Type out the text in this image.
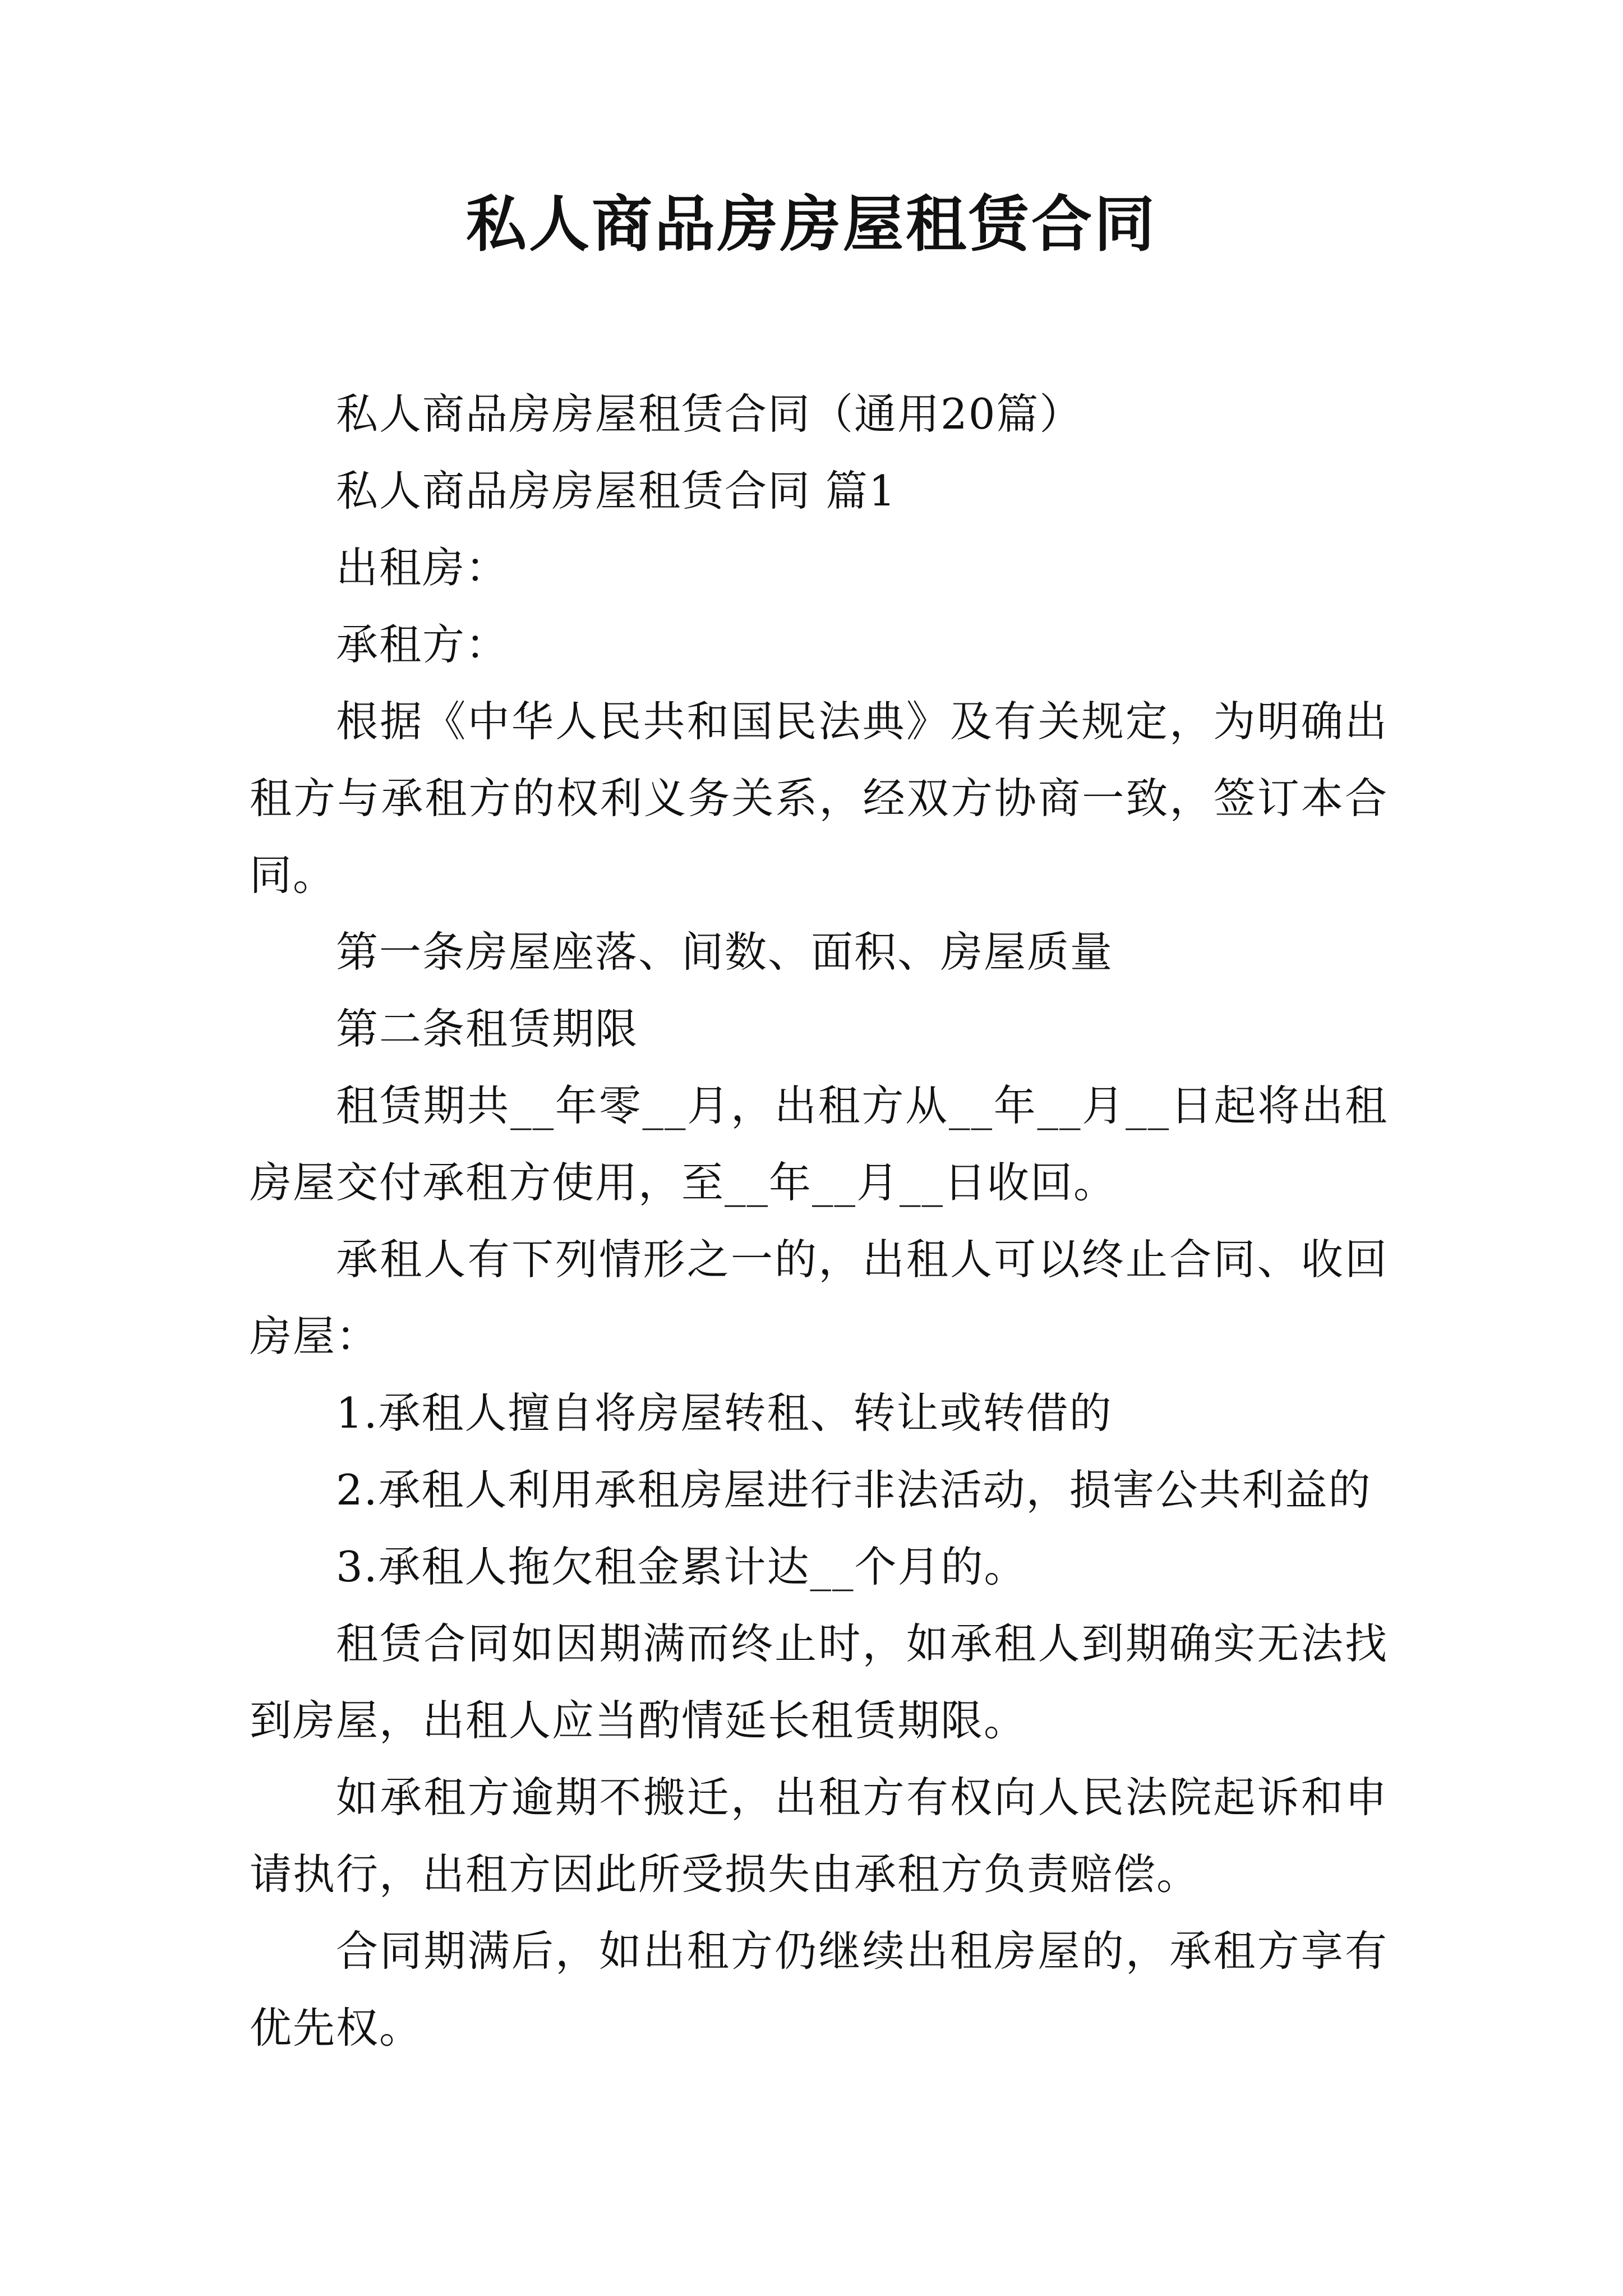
私人商品房房屋租赁合同

私人商品房房屋租赁合同（通用20篇）

私人商品房房屋租赁合同 篇1

出租房：

承租方：

根据《中华人民共和国民法典》及有关规定，为明确出租方与承租方的权利义务关系，经双方协商一致，签订本合同。

第一条房屋座落、间数、面积、房屋质量

第二条租赁期限

租赁期共__年零__月，出租方从__年__月__日起将出租房屋交付承租方使用，至__年__月__日收回。

承租人有下列情形之一的，出租人可以终止合同、收回房屋：

1.承租人擅自将房屋转租、转让或转借的

2.承租人利用承租房屋进行非法活动，损害公共利益的

3.承租人拖欠租金累计达__个月的。

租赁合同如因期满而终止时，如承租人到期确实无法找到房屋，出租人应当酌情延长租赁期限。

如承租方逾期不搬迁，出租方有权向人民法院起诉和申请执行，出租方因此所受损失由承租方负责赔偿。

合同期满后，如出租方仍继续出租房屋的，承租方享有优先权。
